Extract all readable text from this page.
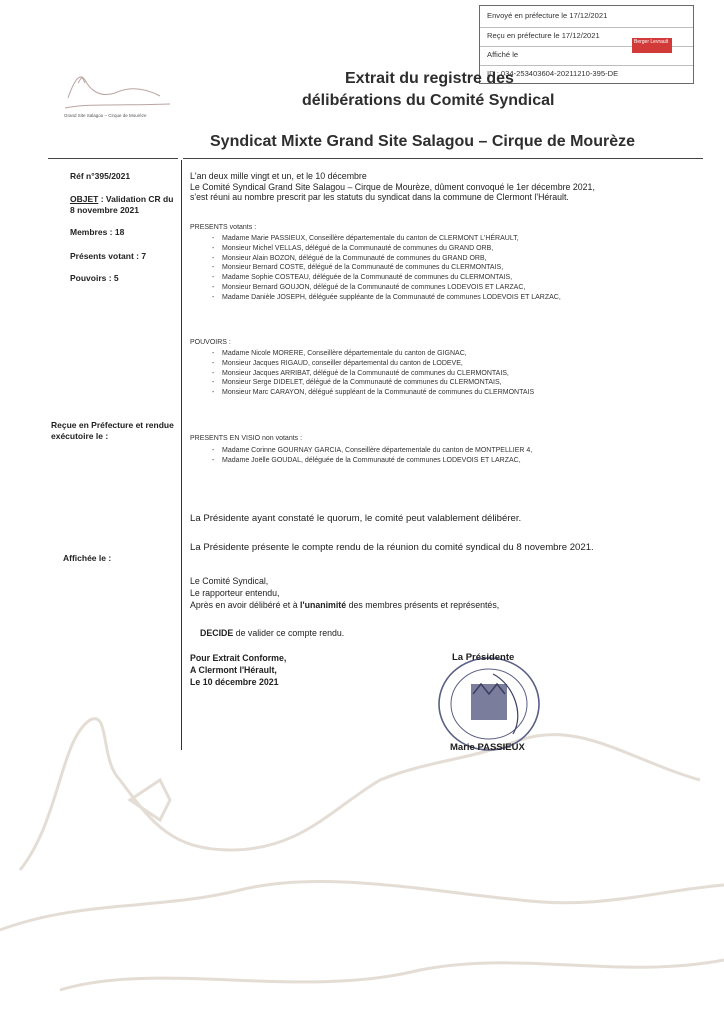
Envoyé en préfecture le 17/12/2021
Reçu en préfecture le 17/12/2021
Affiché le
ID : 034-253403604-20211210-395-DE
Berger Levrault
Grand Site Salagou – Cirque de Mourèze
Extrait du registre des
délibérations du Comité Syndical
Syndicat Mixte Grand Site Salagou – Cirque de Mourèze
Réf n°395/2021
OBJET : Validation CR du 8 novembre 2021
Membres : 18
Présents votant : 7
Pouvoirs : 5
Reçue en Préfecture et rendue exécutoire le :
Affichée le :
L'an deux mille vingt et un, et le 10 décembre
Le Comité Syndical Grand Site Salagou – Cirque de Mourèze, dûment convoqué le 1er décembre 2021,
s'est réuni au nombre prescrit par les statuts du syndicat dans la commune de Clermont l'Hérault.
PRESENTS votants :
- Madame Marie PASSIEUX, Conseillère départementale du canton de CLERMONT L'HÉRAULT,
- Monsieur Michel VELLAS, délégué de la Communauté de communes du GRAND ORB,
- Monsieur Alain BOZON, délégué de la Communauté de communes du GRAND ORB,
- Monsieur Bernard COSTE, délégué de la Communauté de communes du CLERMONTAIS,
- Madame Sophie COSTEAU, déléguée de la Communauté de communes du CLERMONTAIS,
- Monsieur Bernard GOUJON, délégué de la Communauté de communes LODEVOIS ET LARZAC,
- Madame Danièle JOSEPH, déléguée suppléante de la Communauté de communes LODEVOIS ET LARZAC,
POUVOIRS :
- Madame Nicole MORERE, Conseillère départementale du canton de GIGNAC,
- Monsieur Jacques RIGAUD, conseiller départemental du canton de LODEVE,
- Monsieur Jacques ARRIBAT, délégué de la Communauté de communes du CLERMONTAIS,
- Monsieur Serge DIDELET, délégué de la Communauté de communes du CLERMONTAIS,
- Monsieur Marc CARAYON, délégué suppléant de la Communauté de communes du CLERMONTAIS
PRESENTS EN VISIO non votants :
- Madame Corinne GOURNAY GARCIA, Conseillère départementale du canton de MONTPELLIER 4,
- Madame Joëlle GOUDAL, déléguée de la Communauté de communes LODEVOIS ET LARZAC,
La Présidente ayant constaté le quorum, le comité peut valablement délibérer.
La Présidente présente le compte rendu de la réunion du comité syndical du 8 novembre 2021.
Le Comité Syndical,
Le rapporteur entendu,
Après en avoir délibéré et à l'unanimité des membres présents et représentés,
DECIDE de valider ce compte rendu.
Pour Extrait Conforme,
A Clermont l'Hérault,
Le 10 décembre 2021
La Présidente
Marie PASSIEUX
